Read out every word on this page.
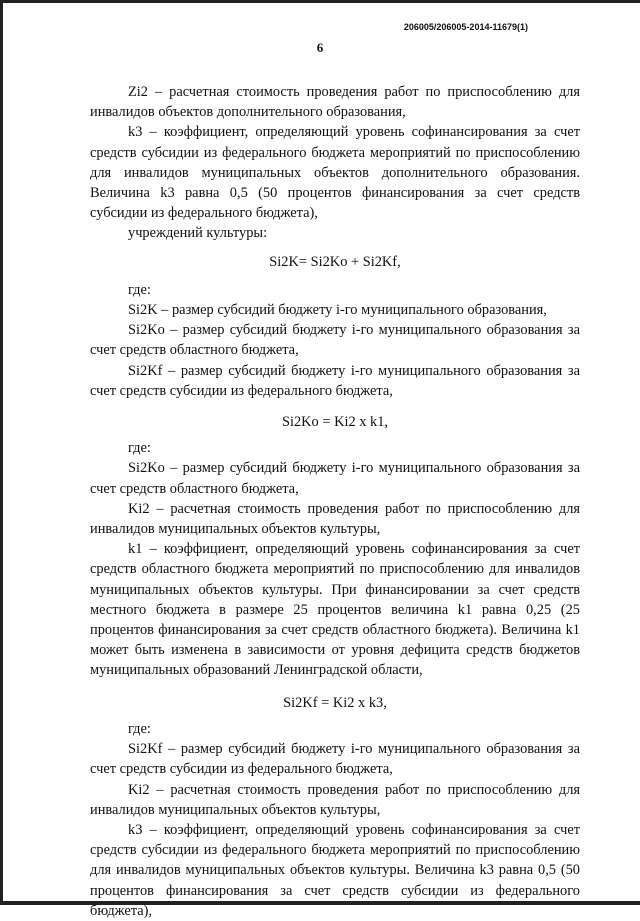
206005/206005-2014-11679(1)
6

Zi2 – расчетная стоимость проведения работ по приспособлению для инвалидов объектов дополнительного образования,

k3 – коэффициент, определяющий уровень софинансирования за счет средств субсидии из федерального бюджета мероприятий по приспособлению для инвалидов муниципальных объектов дополнительного образования. Величина k3 равна 0,5 (50 процентов финансирования за счет средств субсидии из федерального бюджета),

учреждений культуры:

Si2K= Si2Ko + Si2Kf,

где:

Si2K – размер субсидий бюджету i-го муниципального образования,

Si2Ko – размер субсидий бюджету i-го муниципального образования за счет средств областного бюджета,

Si2Kf – размер субсидий бюджету i-го муниципального образования за счет средств субсидии из федерального бюджета,

Si2Ko = Ki2 x k1,

где:

Si2Ko – размер субсидий бюджету i-го муниципального образования за счет средств областного бюджета,

Ki2 – расчетная стоимость проведения работ по приспособлению для инвалидов муниципальных объектов культуры,

k1 – коэффициент, определяющий уровень софинансирования за счет средств областного бюджета мероприятий по приспособлению для инвалидов муниципальных объектов культуры. При финансировании за счет средств местного бюджета в размере 25 процентов величина k1 равна 0,25 (25 процентов финансирования за счет средств областного бюджета). Величина k1 может быть изменена в зависимости от уровня дефицита средств бюджетов муниципальных образований Ленинградской области,

Si2Kf = Ki2 x k3,

где:

Si2Kf – размер субсидий бюджету i-го муниципального образования за счет средств субсидии из федерального бюджета,

Ki2 – расчетная стоимость проведения работ по приспособлению для инвалидов муниципальных объектов культуры,

k3 – коэффициент, определяющий уровень софинансирования за счет средств субсидии из федерального бюджета мероприятий по приспособлению для инвалидов муниципальных объектов культуры. Величина k3 равна 0,5 (50 процентов финансирования за счет средств субсидии из федерального бюджета),
